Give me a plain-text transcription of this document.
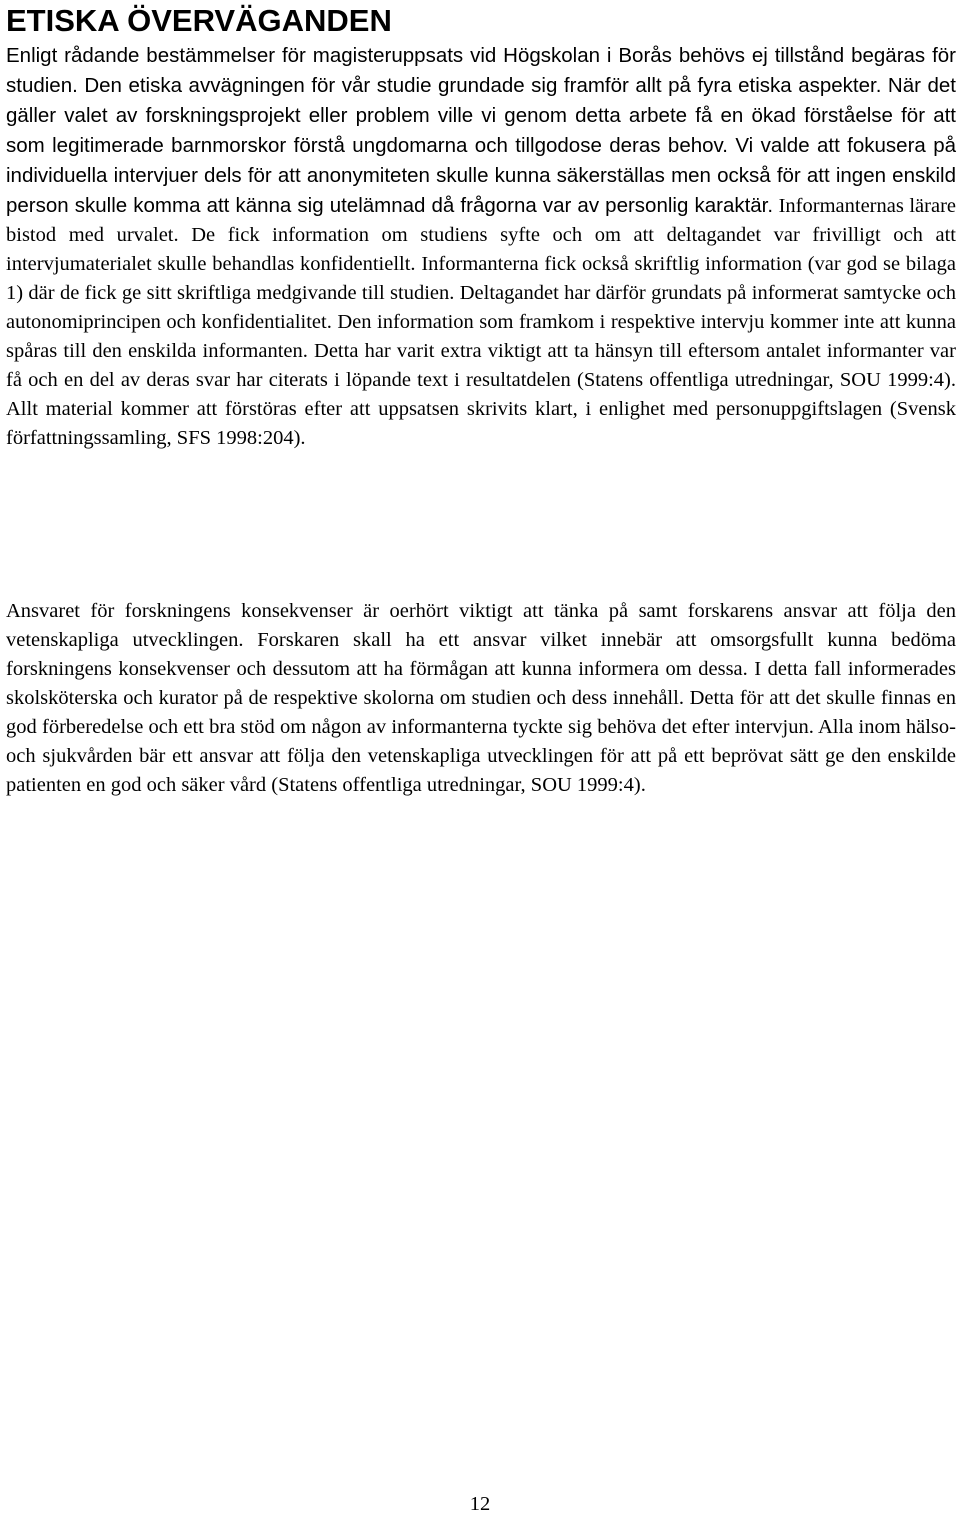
ETISKA ÖVERVÄGANDEN

Enligt rådande bestämmelser för magisteruppsats vid Högskolan i Borås behövs ej tillstånd begäras för studien. Den etiska avvägningen för vår studie grundade sig framför allt på fyra etiska aspekter. När det gäller valet av forskningsprojekt eller problem ville vi genom detta arbete få en ökad förståelse för att som legitimerade barnmorskor förstå ungdomarna och tillgodose deras behov. Vi valde att fokusera på individuella intervjuer dels för att anonymiteten skulle kunna säkerställas men också för att ingen enskild person skulle komma att känna sig utelämnad då frågorna var av personlig karaktär. Informanternas lärare bistod med urvalet. De fick information om studiens syfte och om att deltagandet var frivilligt och att intervjumaterialet skulle behandlas konfidentiellt. Informanterna fick också skriftlig information (var god se bilaga 1) där de fick ge sitt skriftliga medgivande till studien. Deltagandet har därför grundats på informerat samtycke och autonomiprincipen och konfidentialitet. Den information som framkom i respektive intervju kommer inte att kunna spåras till den enskilda informanten. Detta har varit extra viktigt att ta hänsyn till eftersom antalet informanter var få och en del av deras svar har citerats i löpande text i resultatdelen (Statens offentliga utredningar, SOU 1999:4). Allt material kommer att förstöras efter att uppsatsen skrivits klart, i enlighet med personuppgiftslagen (Svensk författningssamling, SFS 1998:204).

Ansvaret för forskningens konsekvenser är oerhört viktigt att tänka på samt forskarens ansvar att följa den vetenskapliga utvecklingen. Forskaren skall ha ett ansvar vilket innebär att omsorgsfullt kunna bedöma forskningens konsekvenser och dessutom att ha förmågan att kunna informera om dessa. I detta fall informerades skolsköterska och kurator på de respektive skolorna om studien och dess innehåll. Detta för att det skulle finnas en god förberedelse och ett bra stöd om någon av informanterna tyckte sig behöva det efter intervjun. Alla inom hälso- och sjukvården bär ett ansvar att följa den vetenskapliga utvecklingen för att på ett beprövat sätt ge den enskilde patienten en god och säker vård (Statens offentliga utredningar, SOU 1999:4).

12
